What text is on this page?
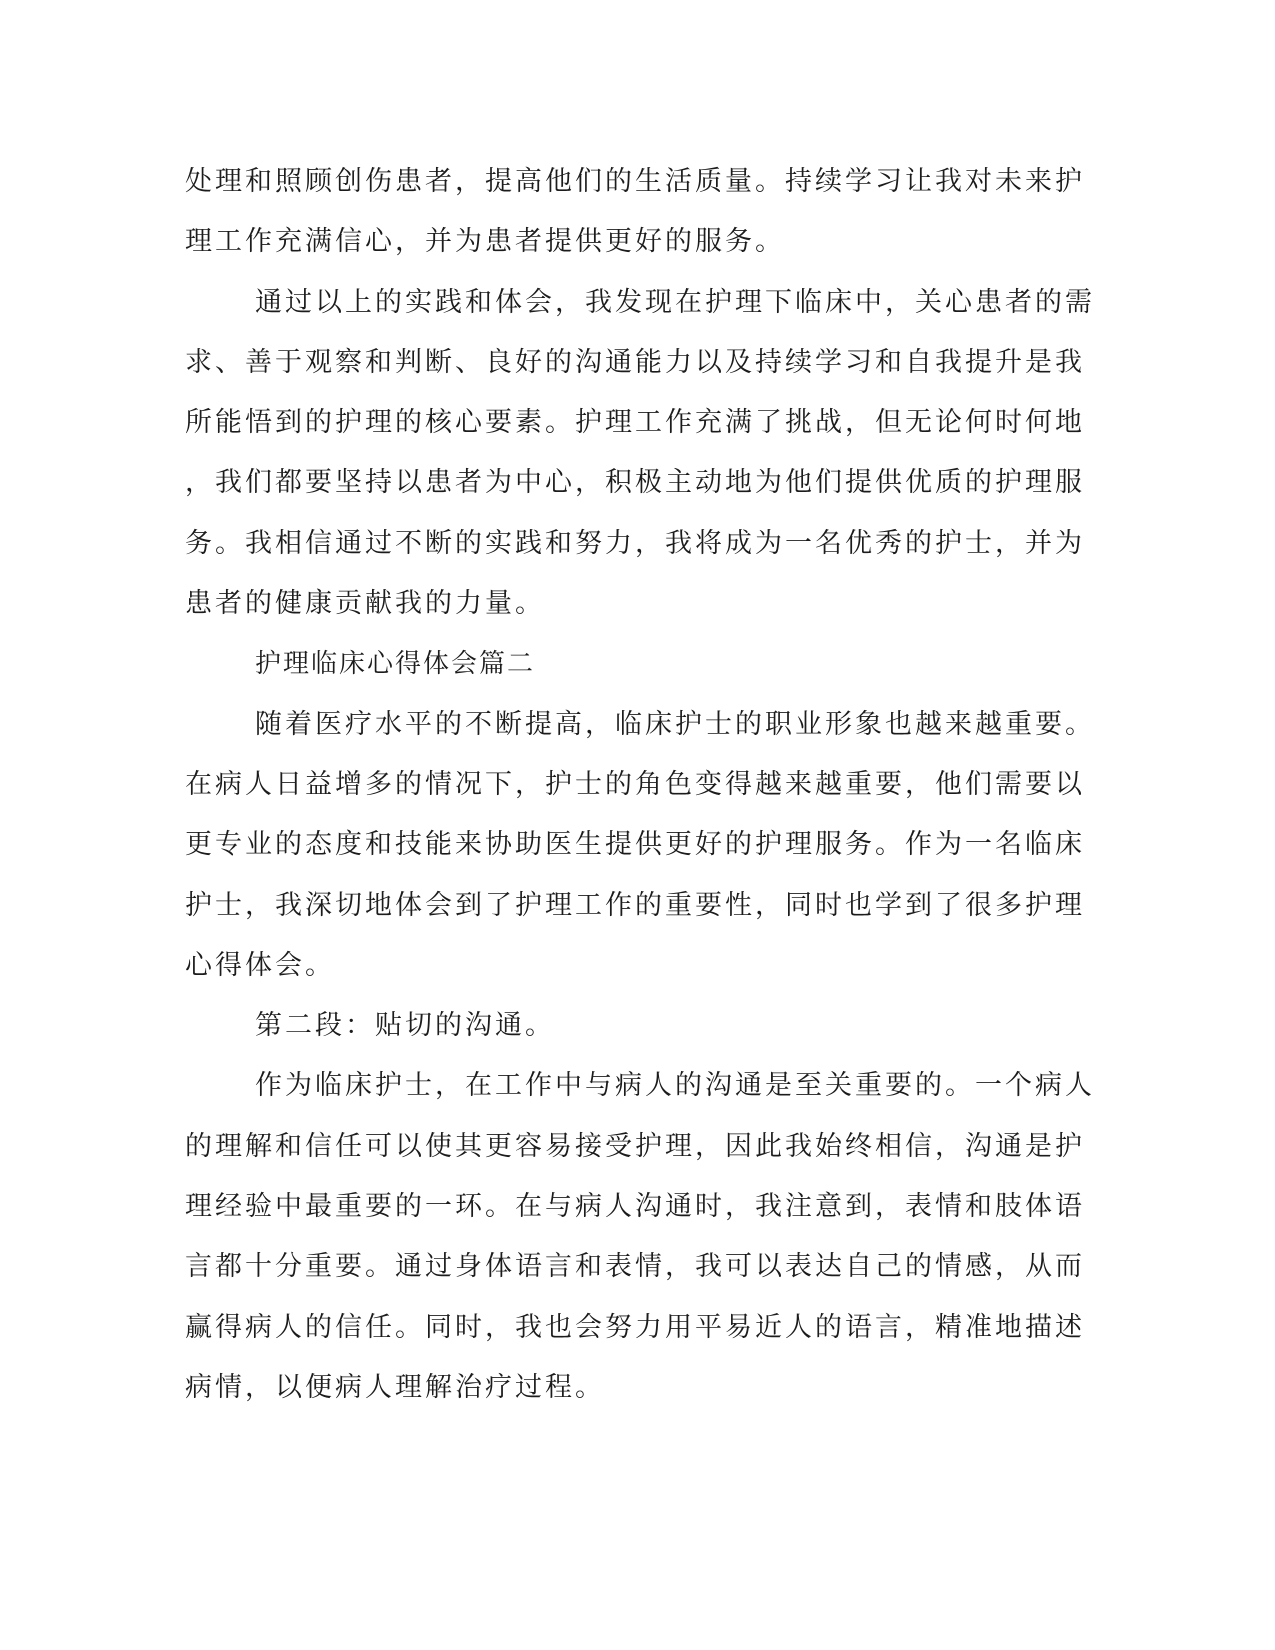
处理和照顾创伤患者，提高他们的生活质量。持续学习让我对未来护
理工作充满信心，并为患者提供更好的服务。
通过以上的实践和体会，我发现在护理下临床中，关心患者的需
求、善于观察和判断、良好的沟通能力以及持续学习和自我提升是我
所能悟到的护理的核心要素。护理工作充满了挑战，但无论何时何地
，我们都要坚持以患者为中心，积极主动地为他们提供优质的护理服
务。我相信通过不断的实践和努力，我将成为一名优秀的护士，并为
患者的健康贡献我的力量。
护理临床心得体会篇二
随着医疗水平的不断提高，临床护士的职业形象也越来越重要。
在病人日益增多的情况下，护士的角色变得越来越重要，他们需要以
更专业的态度和技能来协助医生提供更好的护理服务。作为一名临床
护士，我深切地体会到了护理工作的重要性，同时也学到了很多护理
心得体会。
第二段：贴切的沟通。
作为临床护士，在工作中与病人的沟通是至关重要的。一个病人
的理解和信任可以使其更容易接受护理，因此我始终相信，沟通是护
理经验中最重要的一环。在与病人沟通时，我注意到，表情和肢体语
言都十分重要。通过身体语言和表情，我可以表达自己的情感，从而
赢得病人的信任。同时，我也会努力用平易近人的语言，精准地描述
病情，以便病人理解治疗过程。
